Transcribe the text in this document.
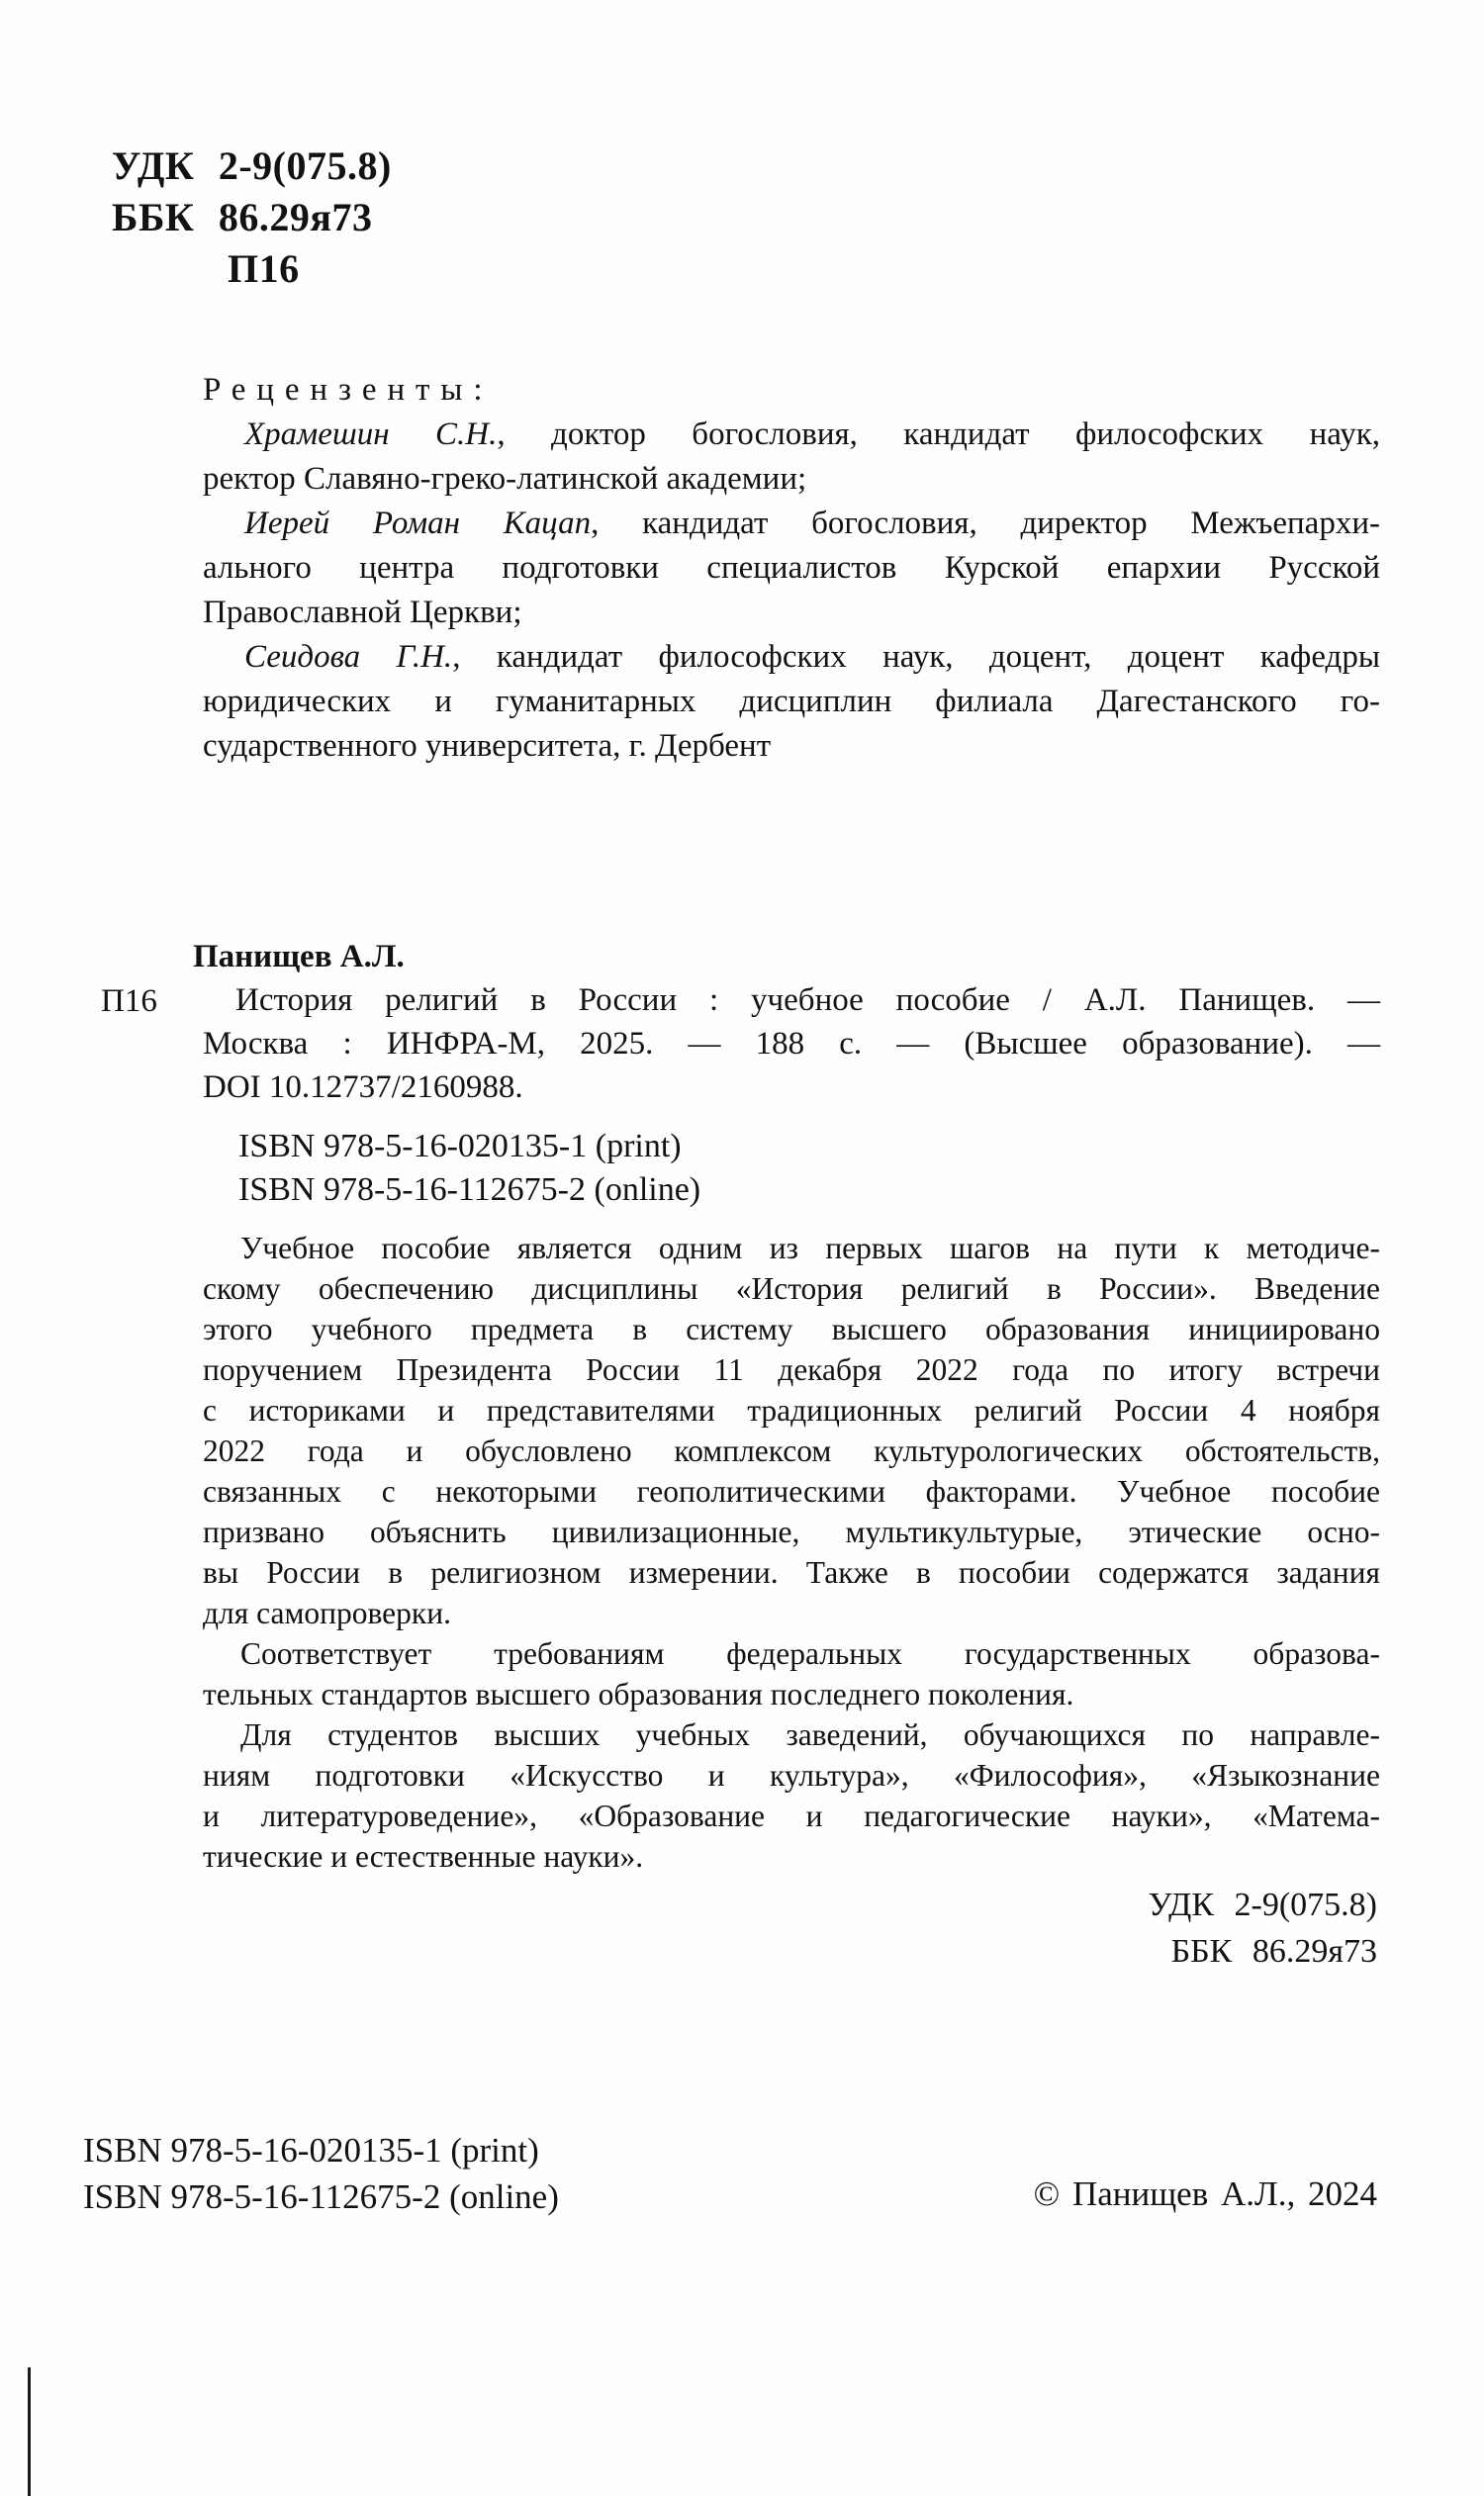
УДК 2-9(075.8)
ББК 86.29я73
П16
Рецензенты:
Храмешин С.Н., доктор богословия, кандидат философских наук,
ректор Славяно-греко-латинской академии;
Иерей Роман Кацап, кандидат богословия, директор Межъепархи-
ального центра подготовки специалистов Курской епархии Русской
Православной Церкви;
Сеидова Г.Н., кандидат философских наук, доцент, доцент кафедры
юридических и гуманитарных дисциплин филиала Дагестанского го-
сударственного университета, г. Дербент
Панищев А.Л.
П16	История религий в России : учебное пособие / А.Л. Панищев. —
Москва : ИНФРА-М, 2025. — 188 с. — (Высшее образование). —
DOI 10.12737/2160988.
ISBN 978-5-16-020135-1 (print)
ISBN 978-5-16-112675-2 (online)
Учебное пособие является одним из первых шагов на пути к методиче-
скому обеспечению дисциплины «История религий в России». Введение
этого учебного предмета в систему высшего образования инициировано
поручением Президента России 11 декабря 2022 года по итогу встречи
с историками и представителями традиционных религий России 4 ноября
2022 года и обусловлено комплексом культурологических обстоятельств,
связанных с некоторыми геополитическими факторами. Учебное пособие
призвано объяснить цивилизационные, мультикультурые, этические осно-
вы России в религиозном измерении. Также в пособии содержатся задания
для самопроверки.
Соответствует требованиям федеральных государственных образова-
тельных стандартов высшего образования последнего поколения.
Для студентов высших учебных заведений, обучающихся по направле-
ниям подготовки «Искусство и культура», «Философия», «Языкознание
и литературоведение», «Образование и педагогические науки», «Матема-
тические и естественные науки».
УДК 2-9(075.8)
ББК 86.29я73
ISBN 978-5-16-020135-1 (print)
ISBN 978-5-16-112675-2 (online)	© Панищев А.Л., 2024
